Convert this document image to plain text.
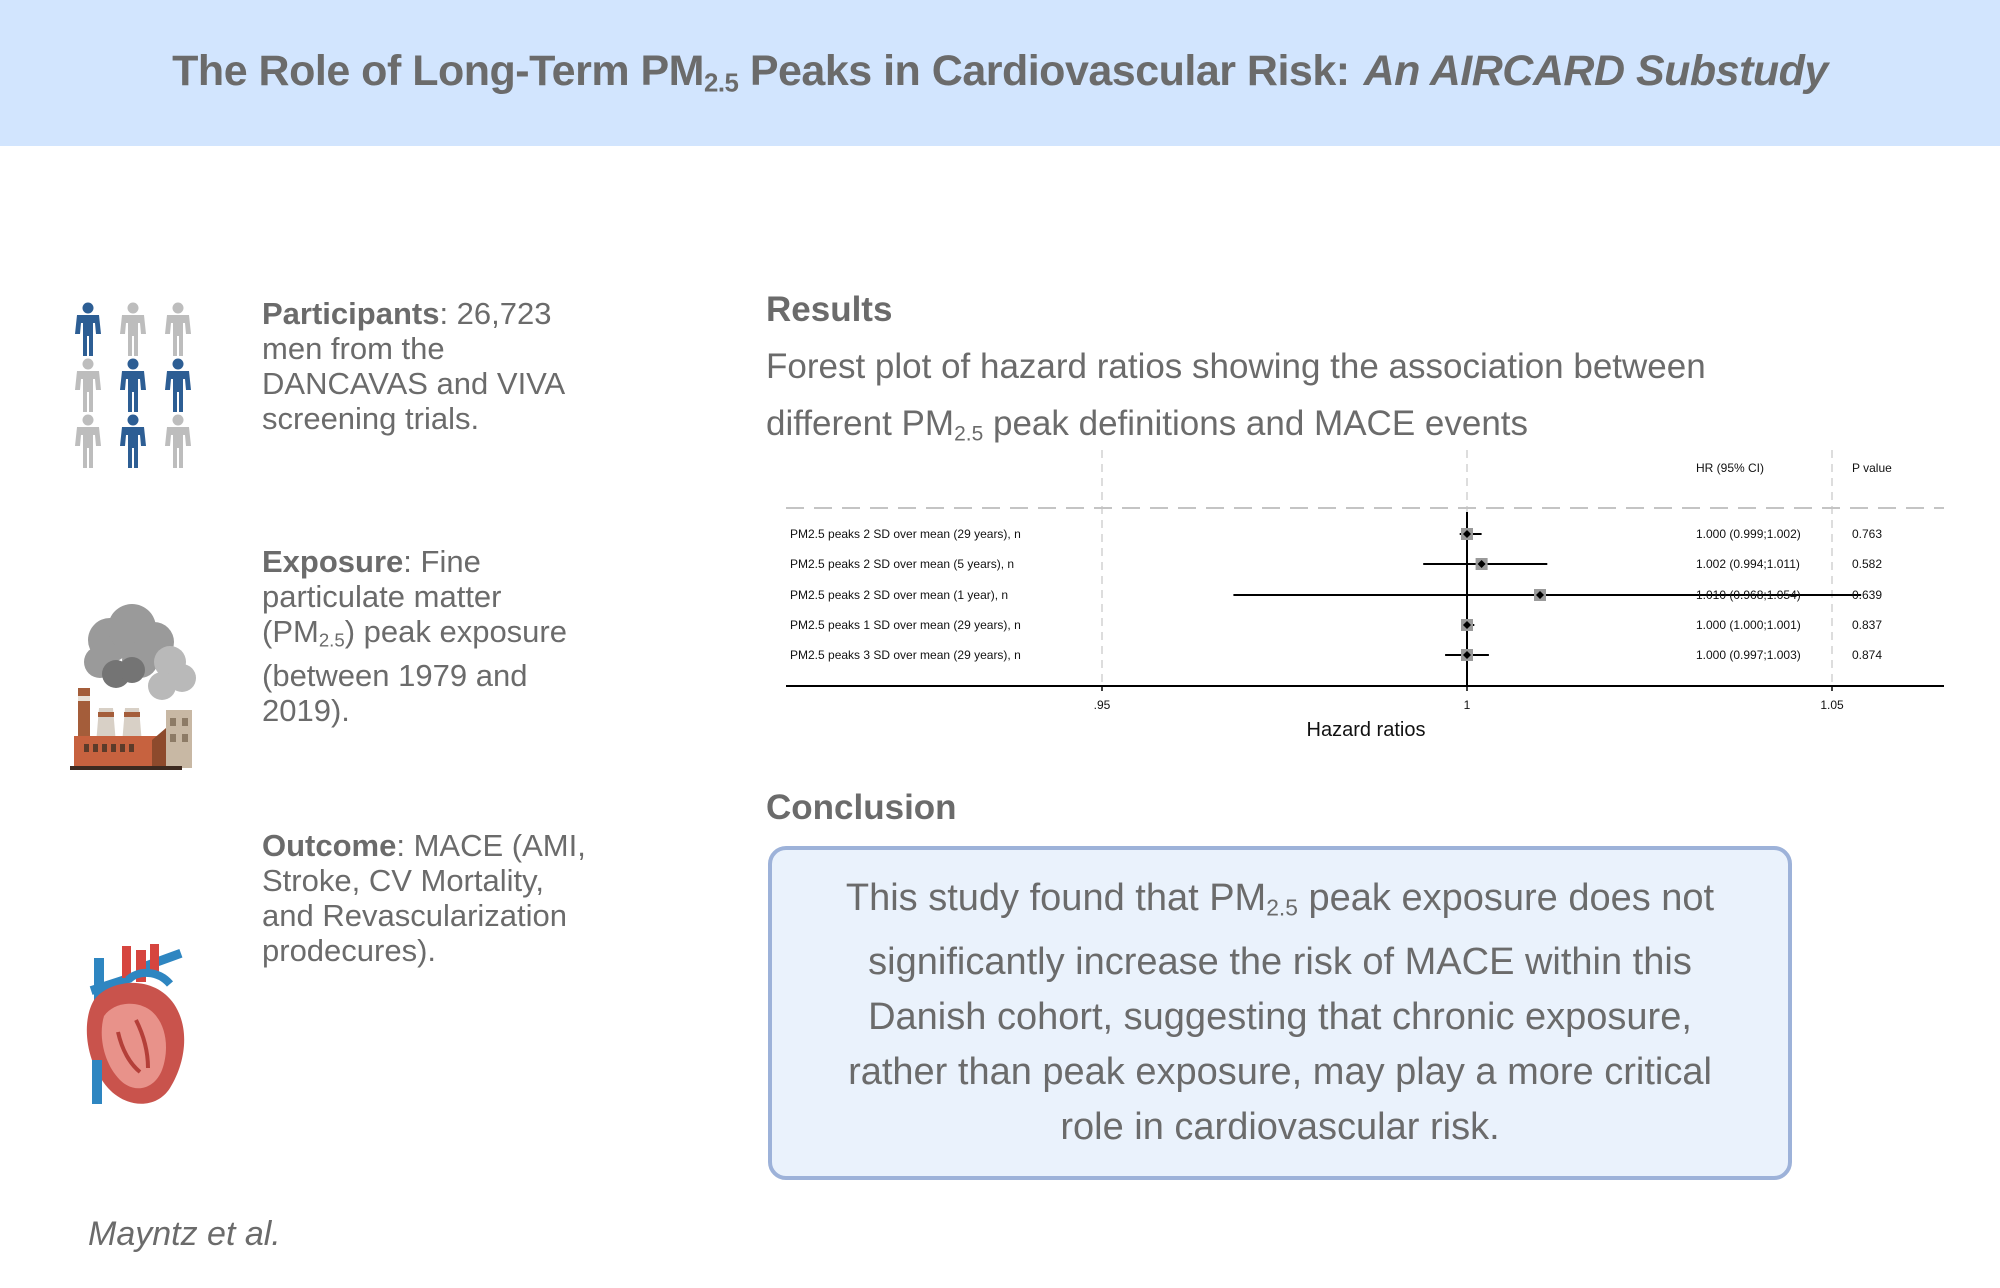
The Role of Long-Term $PM_{2.5}$ Peaks in Cardiovascular Risk: An AIRCARD Substudy
Participants: 26,723 men from the DANCAVAS and VIVA screening trials.
Exposure: Fine particulate matter $(PM_{2.5})$ peak exposure (between 1979 and 2019).
Outcome: MACE (AMI, Stroke, CV Mortality, and Revascularization prodecures).
Results
Forest plot of hazard ratios showing the association between
different $PM_{2.5}$ peak definitions and MACE events
HR (95% CI)	P value
PM2.5 peaks 2 SD over mean (29 years), n	1.000 (0.999;1.002)	0.763
PM2.5 peaks 2 SD over mean (5 years), n	1.002 (0.994;1.011)	0.582
PM2.5 peaks 2 SD over mean (1 year), n	1.010 (0.968;1.054)	0.639
PM2.5 peaks 1 SD over mean (29 years), n	1.000 (1.000;1.001)	0.837
PM2.5 peaks 3 SD over mean (29 years), n	1.000 (0.997;1.003)	0.874
.95	1	1.05
Hazard ratios
Conclusion

This study found that $PM_{2.5}$ peak exposure does not significantly increase the risk of MACE within this Danish cohort, suggesting that chronic exposure, rather than peak exposure, may play a more critical role in cardiovascular risk.

Mayntz et al.
